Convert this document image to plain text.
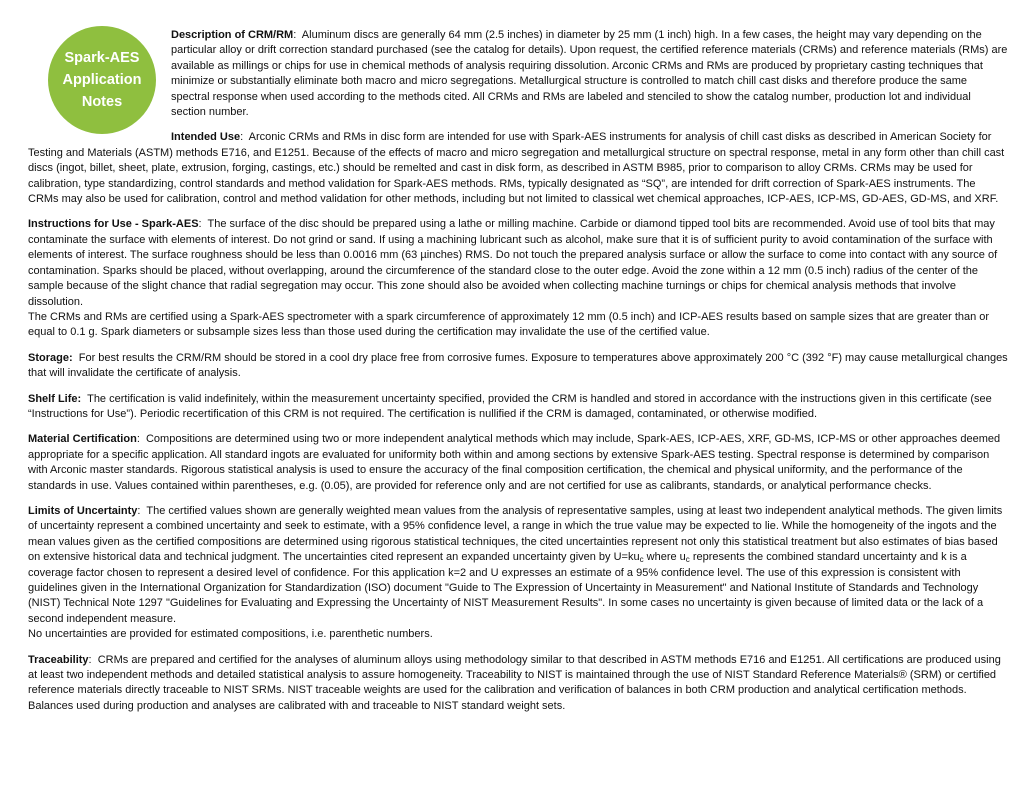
Spark-AES
Application
Notes

Description of CRM/RM:  Aluminum discs are generally 64 mm (2.5 inches) in diameter by 25 mm (1 inch) high. In a few cases, the height may vary depending on the particular alloy or drift correction standard purchased (see the catalog for details). Upon request, the certified reference materials (CRMs) and reference materials (RMs) are available as millings or chips for use in chemical methods of analysis requiring dissolution. Arconic CRMs and RMs are produced by proprietary casting techniques that minimize or substantially eliminate both macro and micro segregations. Metallurgical structure is controlled to match chill cast disks and therefore produce the same spectral response when used according to the methods cited. All CRMs and RMs are labeled and stenciled to show the catalog number, production lot and individual section number.

Intended Use:  Arconic CRMs and RMs in disc form are intended for use with Spark-AES instruments for analysis of chill cast disks as described in American Society for Testing and Materials (ASTM) methods E716, and E1251. Because of the effects of macro and micro segregation and metallurgical structure on spectral response, metal in any form other than chill cast discs (ingot, billet, sheet, plate, extrusion, forging, castings, etc.) should be remelted and cast in disk form, as described in ASTM B985, prior to comparison to alloy CRMs. CRMs may be used for calibration, type standardizing, control standards and method validation for Spark-AES methods. RMs, typically designated as “SQ”, are intended for drift correction of Spark-AES instruments. The CRMs may also be used for calibration, control and method validation for other methods, including but not limited to classical wet chemical approaches, ICP-AES, ICP-MS, GD-AES, GD-MS, and XRF.

Instructions for Use - Spark-AES:  The surface of the disc should be prepared using a lathe or milling machine. Carbide or diamond tipped tool bits are recommended. Avoid use of tool bits that may contaminate the surface with elements of interest. Do not grind or sand. If using a machining lubricant such as alcohol, make sure that it is of sufficient purity to avoid contamination of the surface with elements of interest. The surface roughness should be less than 0.0016 mm (63 µinches) RMS. Do not touch the prepared analysis surface or allow the surface to come into contact with any source of contamination. Sparks should be placed, without overlapping, around the circumference of the standard close to the outer edge. Avoid the zone within a 12 mm (0.5 inch) radius of the center of the sample because of the slight chance that radial segregation may occur. This zone should also be avoided when collecting machine turnings or chips for chemical analysis methods that involve dissolution.
The CRMs and RMs are certified using a Spark-AES spectrometer with a spark circumference of approximately 12 mm (0.5 inch) and ICP-AES results based on sample sizes that are greater than or equal to 0.1 g. Spark diameters or subsample sizes less than those used during the certification may invalidate the use of the certified value.

Storage: For best results the CRM/RM should be stored in a cool dry place free from corrosive fumes. Exposure to temperatures above approximately 200 °C (392 °F) may cause metallurgical changes that will invalidate the certificate of analysis.

Shelf Life: The certification is valid indefinitely, within the measurement uncertainty specified, provided the CRM is handled and stored in accordance with the instructions given in this certificate (see “Instructions for Use”). Periodic recertification of this CRM is not required. The certification is nullified if the CRM is damaged, contaminated, or otherwise modified.

Material Certification:  Compositions are determined using two or more independent analytical methods which may include, Spark-AES, ICP-AES, XRF, GD-MS, ICP-MS or other approaches deemed appropriate for a specific application. All standard ingots are evaluated for uniformity both within and among sections by extensive Spark-AES testing. Spectral response is determined by comparison with Arconic master standards. Rigorous statistical analysis is used to ensure the accuracy of the final composition certification, the chemical and physical uniformity, and the performance of the standards in use. Values contained within parentheses, e.g. (0.05), are provided for reference only and are not certified for use as calibrants, standards, or analytical performance checks.

Limits of Uncertainty:  The certified values shown are generally weighted mean values from the analysis of representative samples, using at least two independent analytical methods. The given limits of uncertainty represent a combined uncertainty and seek to estimate, with a 95% confidence level, a range in which the true value may be expected to lie. While the homogeneity of the ingots and the mean values given as the certified compositions are determined using rigorous statistical techniques, the cited uncertainties represent not only this statistical treatment but also estimates of bias based on extensive historical data and technical judgment. The uncertainties cited represent an expanded uncertainty given by U=kuc where uc represents the combined standard uncertainty and k is a coverage factor chosen to represent a desired level of confidence. For this application k=2 and U expresses an estimate of a 95% confidence level. The use of this expression is consistent with guidelines given in the International Organization for Standardization (ISO) document "Guide to The Expression of Uncertainty in Measurement" and National Institute of Standards and Technology (NIST) Technical Note 1297 "Guidelines for Evaluating and Expressing the Uncertainty of NIST Measurement Results". In some cases no uncertainty is given because of limited data or the lack of a second independent measure.
No uncertainties are provided for estimated compositions, i.e. parenthetic numbers.

Traceability:  CRMs are prepared and certified for the analyses of aluminum alloys using methodology similar to that described in ASTM methods E716 and E1251. All certifications are produced using at least two independent methods and detailed statistical analysis to assure homogeneity. Traceability to NIST is maintained through the use of NIST Standard Reference Materials® (SRM) or certified reference materials directly traceable to NIST SRMs. NIST traceable weights are used for the calibration and verification of balances in both CRM production and analytical certification methods. Balances used during production and analyses are calibrated with and traceable to NIST standard weight sets.
